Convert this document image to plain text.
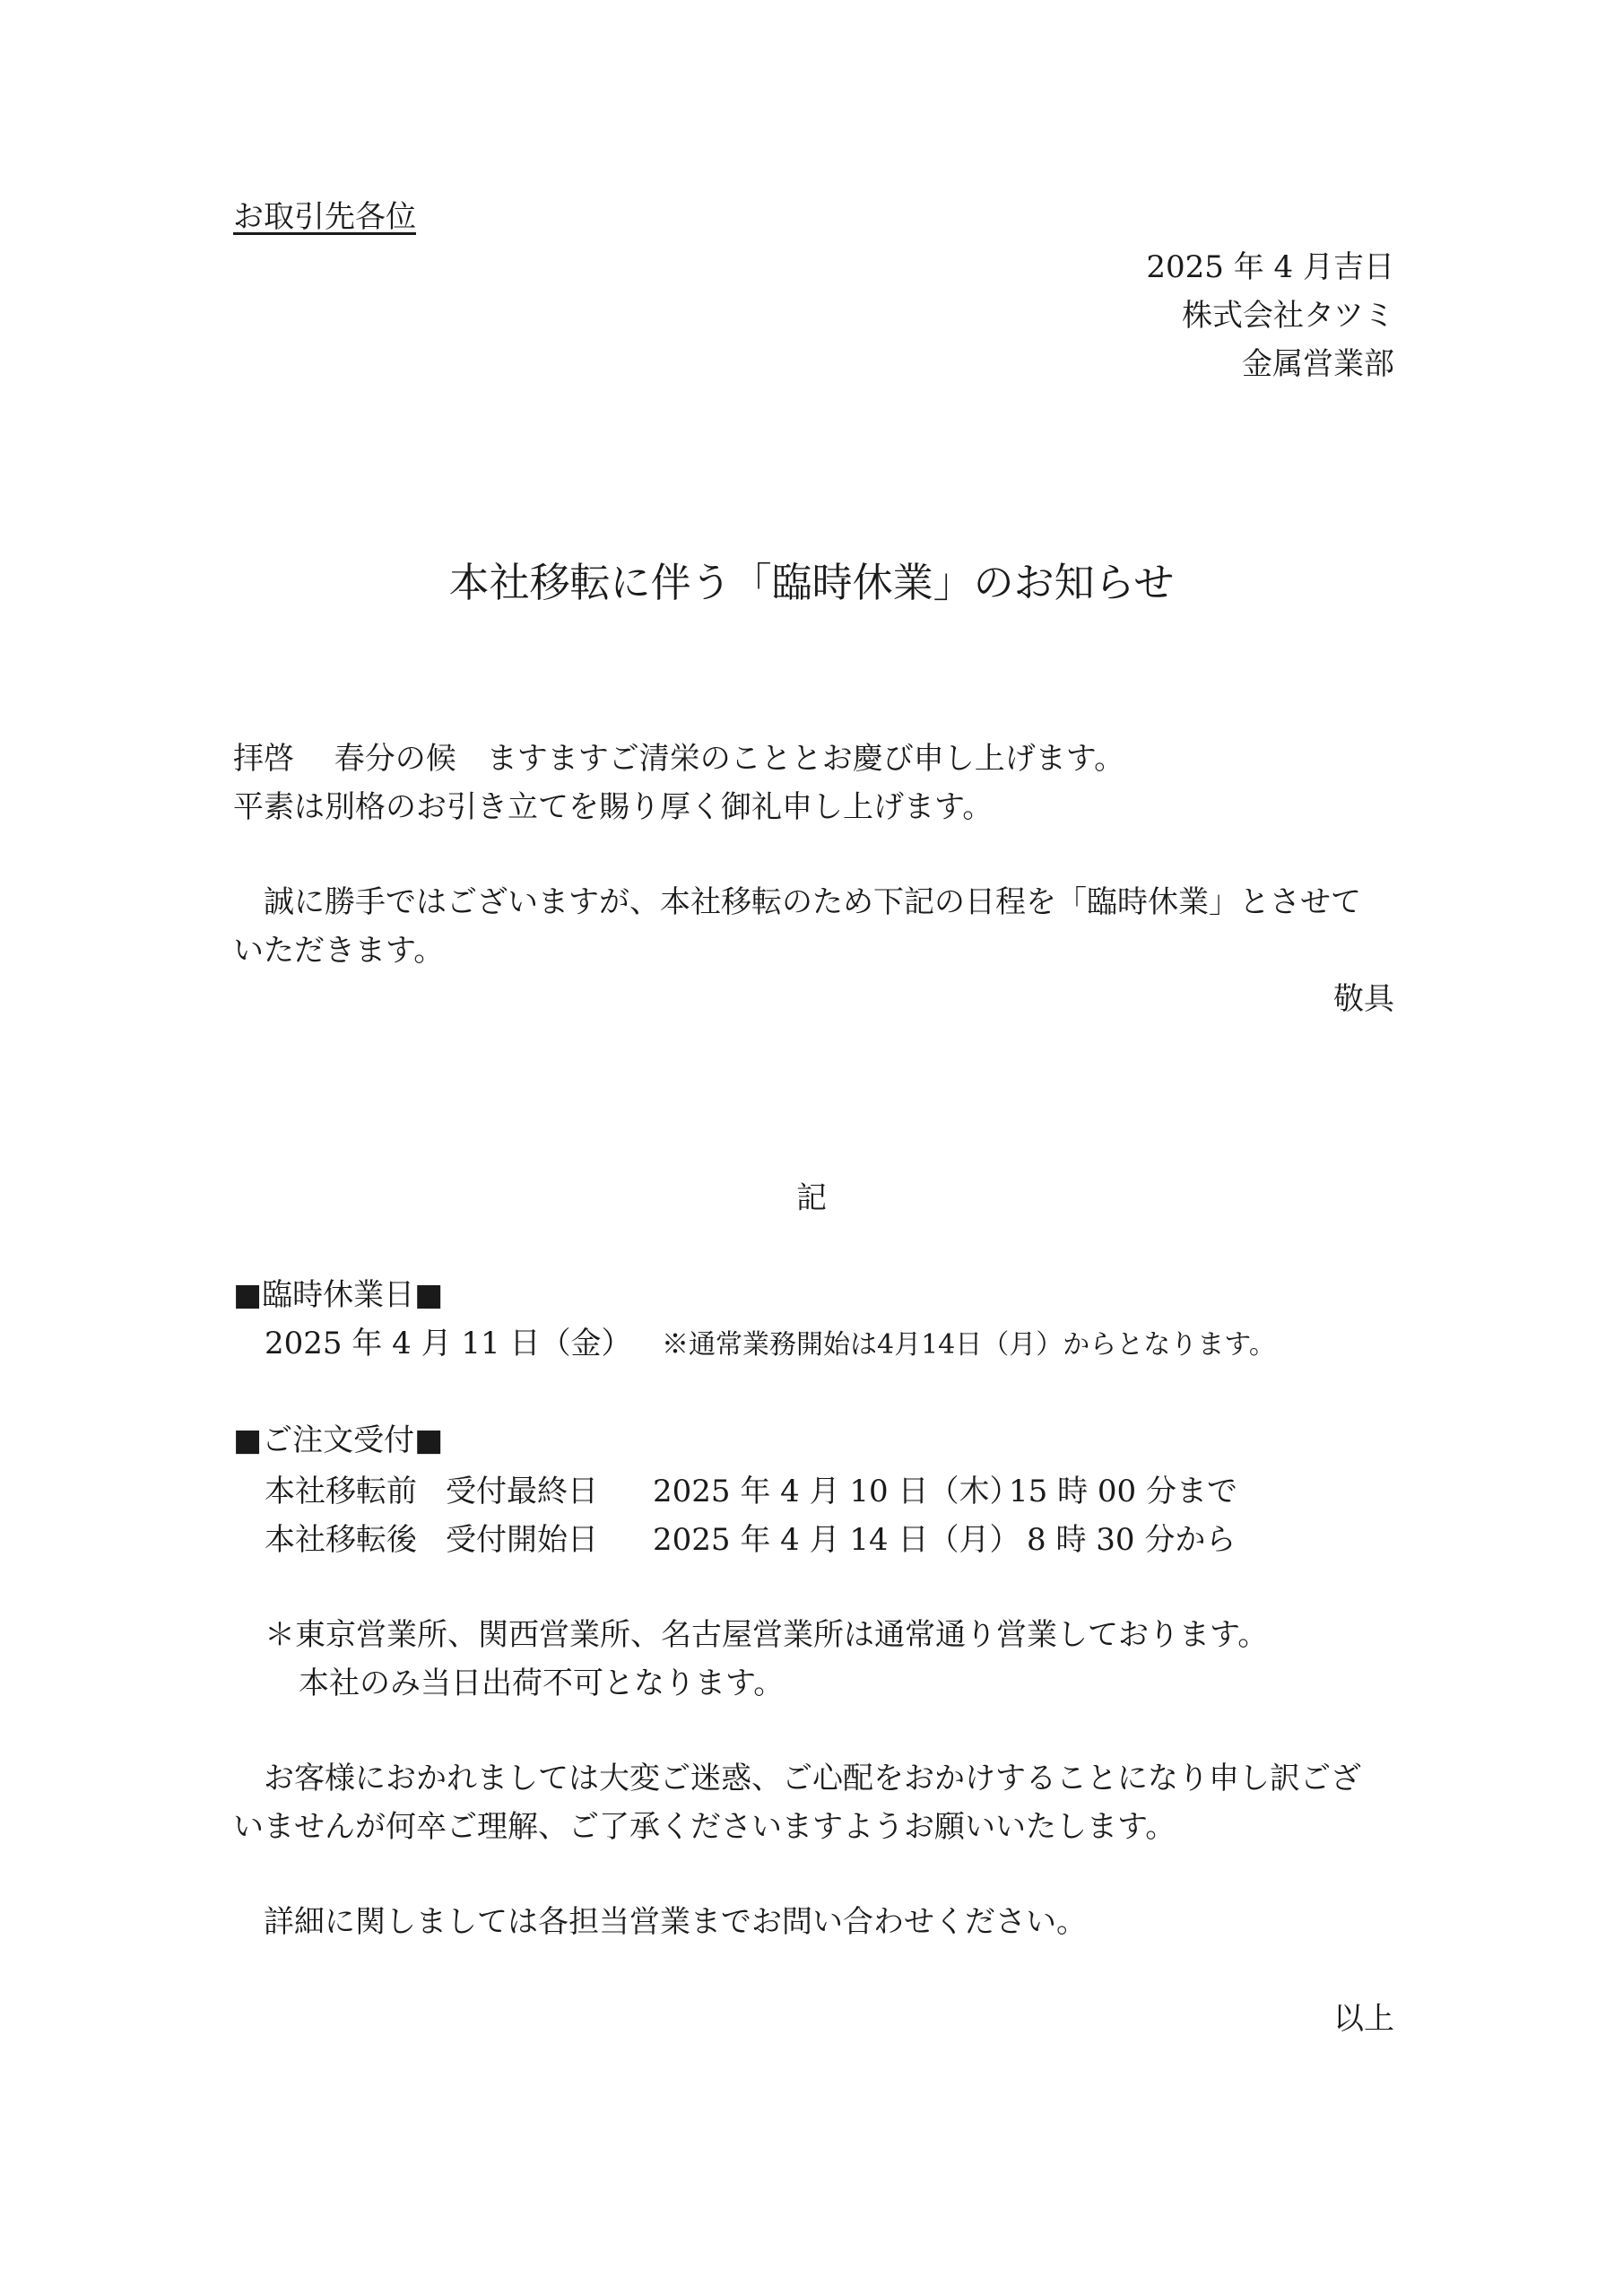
お取引先各位
2025 年 4 月吉日
株式会社タツミ
金属営業部
本社移転に伴う「臨時休業」のお知らせ
拝啓　 春分の候　ますますご清栄のこととお慶び申し上げます。
平素は別格のお引き立てを賜り厚く御礼申し上げます。
　誠に勝手ではございますが、本社移転のため下記の日程を「臨時休業」とさせて
いただきます。
敬具
記
■臨時休業日■
2025 年 4 月 11 日（金） ※通常業務開始は4月14日（月）からとなります。
■ご注文受付■
本社移転前 受付最終日 2025 年 4 月 10 日（木）
15 時 00 分まで
本社移転後 受付開始日 2025 年 4 月 14 日（月） 8 時 30 分から
＊東京営業所、関西営業所、名古屋営業所は通常通り営業しております。
本社のみ当日出荷不可となります。
　お客様におかれましては大変ご迷惑、ご心配をおかけすることになり申し訳ござ
いませんが何卒ご理解、ご了承くださいますようお願いいたします。
　詳細に関しましては各担当営業までお問い合わせください。
以上
